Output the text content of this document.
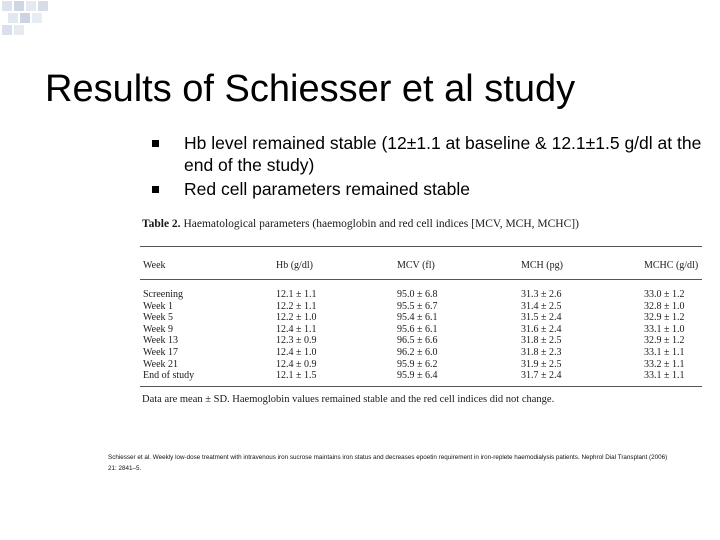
Results of Schiesser et al study
Hb level remained stable (12±1.1 at baseline & 12.1±1.5 g/dl at the end of the study)
Red cell parameters remained stable
Table 2. Haematological parameters (haemoglobin and red cell indices [MCV, MCH, MCHC])
Week	Hb (g/dl)	MCV (fl)	MCH (pg)	MCHC (g/dl)
Screening	12.1 ± 1.1	95.0 ± 6.8	31.3 ± 2.6	33.0 ± 1.2
Week 1	12.2 ± 1.1	95.5 ± 6.7	31.4 ± 2.5	32.8 ± 1.0
Week 5	12.2 ± 1.0	95.4 ± 6.1	31.5 ± 2.4	32.9 ± 1.2
Week 9	12.4 ± 1.1	95.6 ± 6.1	31.6 ± 2.4	33.1 ± 1.0
Week 13	12.3 ± 0.9	96.5 ± 6.6	31.8 ± 2.5	32.9 ± 1.2
Week 17	12.4 ± 1.0	96.2 ± 6.0	31.8 ± 2.3	33.1 ± 1.1
Week 21	12.4 ± 0.9	95.9 ± 6.2	31.9 ± 2.5	33.2 ± 1.1
End of study	12.1 ± 1.5	95.9 ± 6.4	31.7 ± 2.4	33.1 ± 1.1
Data are mean ± SD. Haemoglobin values remained stable and the red cell indices did not change.
Schiesser et al. Weekly low-dose treatment with intravenous iron sucrose maintains iron status and decreases epoetin requirement in iron-replete haemodialysis patients. Nephrol Dial Transplant (2006) 21: 2841–5.
